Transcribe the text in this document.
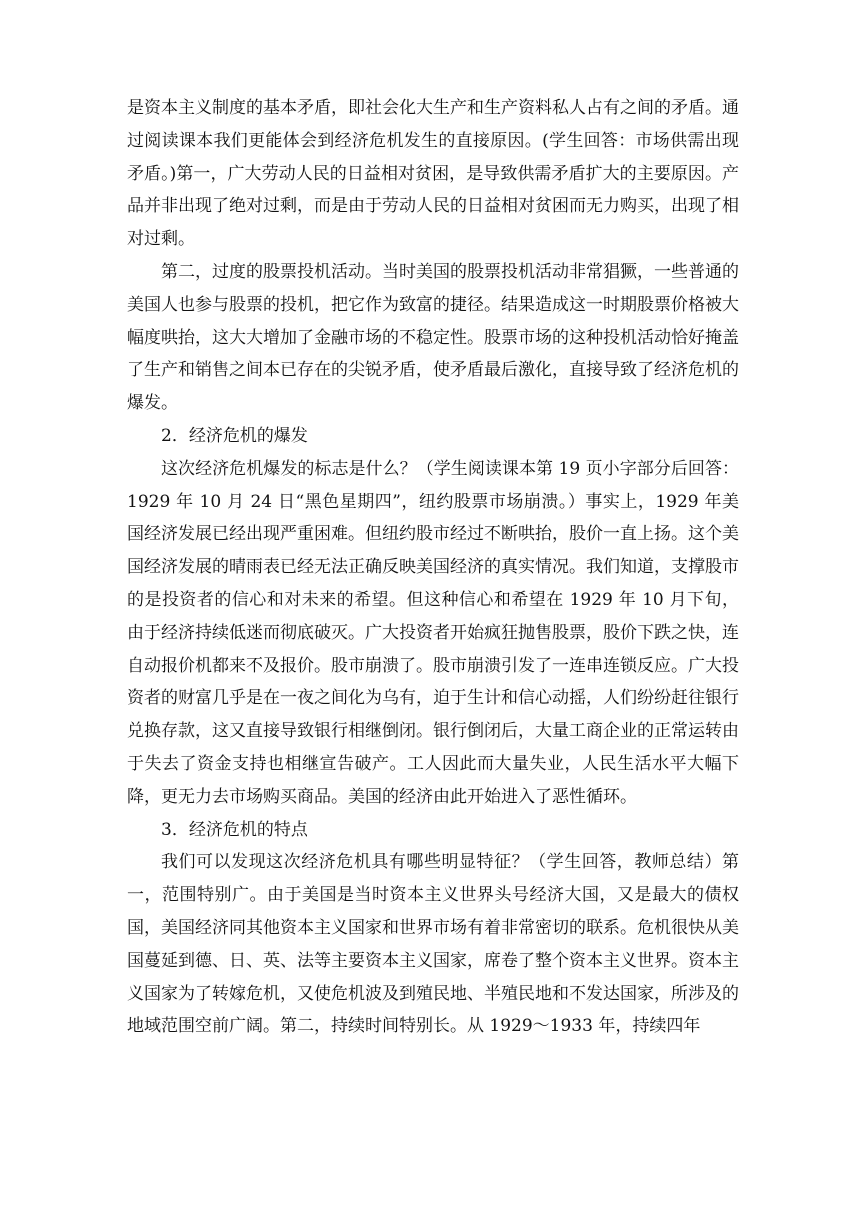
是资本主义制度的基本矛盾，即社会化大生产和生产资料私人占有之间的矛盾。通过阅读课本我们更能体会到经济危机发生的直接原因。(学生回答：市场供需出现矛盾。)第一，广大劳动人民的日益相对贫困，是导致供需矛盾扩大的主要原因。产品并非出现了绝对过剩，而是由于劳动人民的日益相对贫困而无力购买，出现了相对过剩。

第二，过度的股票投机活动。当时美国的股票投机活动非常猖獗，一些普通的美国人也参与股票的投机，把它作为致富的捷径。结果造成这一时期股票价格被大幅度哄抬，这大大增加了金融市场的不稳定性。股票市场的这种投机活动恰好掩盖了生产和销售之间本已存在的尖锐矛盾，使矛盾最后激化，直接导致了经济危机的爆发。

2．经济危机的爆发

这次经济危机爆发的标志是什么？（学生阅读课本第 19 页小字部分后回答：1929 年 10 月 24 日“黑色星期四”，纽约股票市场崩溃。）事实上，1929 年美国经济发展已经出现严重困难。但纽约股市经过不断哄抬，股价一直上扬。这个美国经济发展的晴雨表已经无法正确反映美国经济的真实情况。我们知道，支撑股市的是投资者的信心和对未来的希望。但这种信心和希望在 1929 年 10 月下旬，由于经济持续低迷而彻底破灭。广大投资者开始疯狂抛售股票，股价下跌之快，连自动报价机都来不及报价。股市崩溃了。股市崩溃引发了一连串连锁反应。广大投资者的财富几乎是在一夜之间化为乌有，迫于生计和信心动摇，人们纷纷赶往银行兑换存款，这又直接导致银行相继倒闭。银行倒闭后，大量工商企业的正常运转由于失去了资金支持也相继宣告破产。工人因此而大量失业，人民生活水平大幅下降，更无力去市场购买商品。美国的经济由此开始进入了恶性循环。

3．经济危机的特点

我们可以发现这次经济危机具有哪些明显特征？（学生回答，教师总结）第一，范围特别广。由于美国是当时资本主义世界头号经济大国，又是最大的债权国，美国经济同其他资本主义国家和世界市场有着非常密切的联系。危机很快从美国蔓延到德、日、英、法等主要资本主义国家，席卷了整个资本主义世界。资本主义国家为了转嫁危机，又使危机波及到殖民地、半殖民地和不发达国家，所涉及的地域范围空前广阔。第二，持续时间特别长。从 1929～1933 年，持续四年
